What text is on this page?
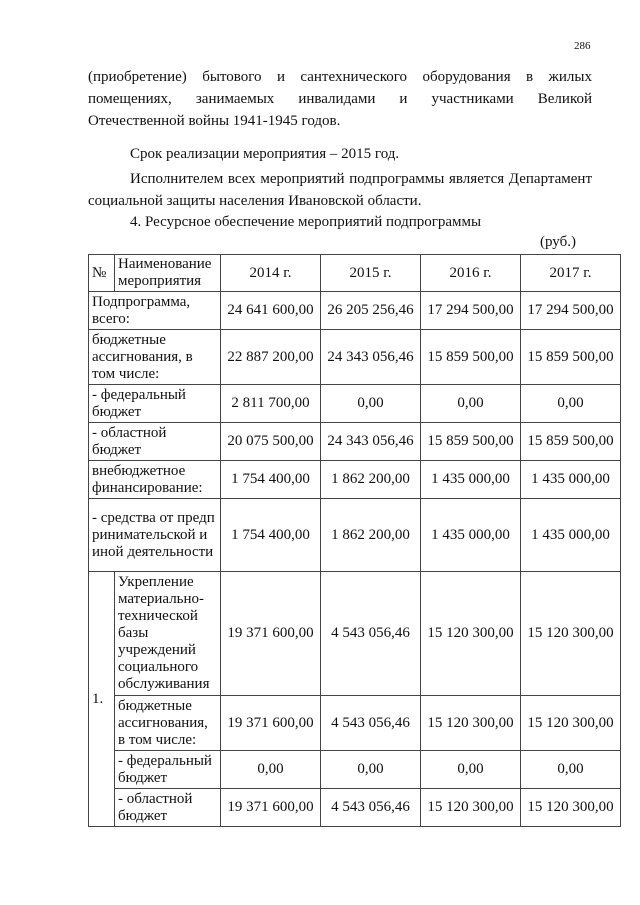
286

(приобретение) бытового и сантехнического оборудования в жилых

помещениях, занимаемых инвалидами и участниками Великой

Отечественной войны 1941-1945 годов.

Срок реализации мероприятия – 2015 год.

Исполнителем всех мероприятий подпрограммы является Департамент

социальной защиты населения Ивановской области.

4. Ресурсное обеспечение мероприятий подпрограммы

(руб.)
№	Наименование мероприятия	2014 г.	2015 г.	2016 г.	2017 г.
Подпрограмма, всего:		24 641 600,00	26 205 256,46	17 294 500,00	17 294 500,00
бюджетные ассигнования, в том числе:		22 887 200,00	24 343 056,46	15 859 500,00	15 859 500,00
- федеральный бюджет		2 811 700,00	0,00	0,00	0,00
- областной бюджет		20 075 500,00	24 343 056,46	15 859 500,00	15 859 500,00
внебюджетное финансирование:		1 754 400,00	1 862 200,00	1 435 000,00	1 435 000,00
- средства от предпринимательской и иной деятельности		1 754 400,00	1 862 200,00	1 435 000,00	1 435 000,00
1.	Укрепление материально-технической базы учреждений социального обслуживания	19 371 600,00	4 543 056,46	15 120 300,00	15 120 300,00
	бюджетные ассигнования, в том числе:	19 371 600,00	4 543 056,46	15 120 300,00	15 120 300,00
	- федеральный бюджет	0,00	0,00	0,00	0,00
	- областной бюджет	19 371 600,00	4 543 056,46	15 120 300,00	15 120 300,00
